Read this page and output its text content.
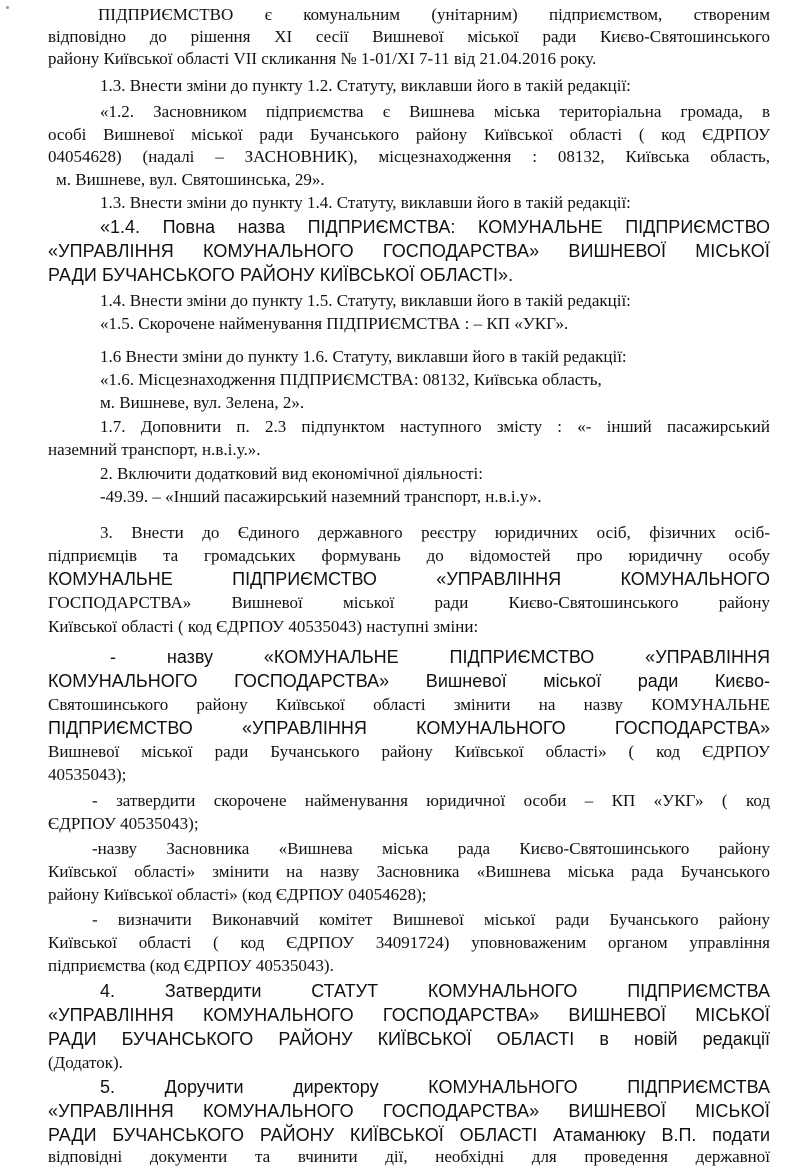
ПІДПРИЄМСТВО є комунальним (унітарним) підприємством, створеним
відповідно до рішення ХІ сесії Вишневої міської ради Києво-Святошинського
району Київської області VII скликання № 1-01/XI 7-11 від 21.04.2016 року.
1.3. Внести зміни до пункту 1.2. Статуту, виклавши його в такій редакції:
«1.2. Засновником підприємства є Вишнева міська територіальна громада, в
особі Вишневої міської ради Бучанського району Київської області ( код ЄДРПОУ
04054628) (надалі – ЗАСНОВНИК), місцезнаходження : 08132, Київська область,
м. Вишневе, вул. Святошинська, 29».
1.3. Внести зміни до пункту 1.4. Статуту, виклавши його в такій редакції:
«1.4. Повна назва ПІДПРИЄМСТВА: КОМУНАЛЬНЕ ПІДПРИЄМСТВО
«УПРАВЛІННЯ КОМУНАЛЬНОГО ГОСПОДАРСТВА» ВИШНЕВОЇ МІСЬКОЇ
РАДИ БУЧАНСЬКОГО РАЙОНУ КИЇВСЬКОЇ ОБЛАСТІ».
1.4. Внести зміни до пункту 1.5. Статуту, виклавши його в такій редакції:
«1.5. Скорочене найменування ПІДПРИЄМСТВА : – КП «УКГ».
1.6 Внести зміни до пункту 1.6. Статуту, виклавши його в такій редакції:
«1.6. Місцезнаходження ПІДПРИЄМСТВА: 08132, Київська область,
м. Вишневе, вул. Зелена, 2».
1.7. Доповнити п. 2.3 підпунктом наступного змісту : «- інший пасажирський
наземний транспорт, н.в.і.у.».
2. Включити додатковий вид економічної діяльності:
-49.39. – «Інший пасажирський наземний транспорт, н.в.і.у».
3. Внести до Єдиного державного реєстру юридичних осіб, фізичних осіб-
підприємців та громадських формувань до відомостей про юридичну особу
КОМУНАЛЬНЕ ПІДПРИЄМСТВО «УПРАВЛІННЯ КОМУНАЛЬНОГО
ГОСПОДАРСТВА» Вишневої міської ради Києво-Святошинського району
Київської області ( код ЄДРПОУ 40535043) наступні зміни:
- назву «КОМУНАЛЬНЕ ПІДПРИЄМСТВО «УПРАВЛІННЯ
КОМУНАЛЬНОГО ГОСПОДАРСТВА» Вишневої міської ради Києво-
Святошинського району Київської області змінити на назву КОМУНАЛЬНЕ
ПІДПРИЄМСТВО «УПРАВЛІННЯ КОМУНАЛЬНОГО ГОСПОДАРСТВА»
Вишневої міської ради Бучанського району Київської області» ( код ЄДРПОУ
40535043);
- затвердити скорочене найменування юридичної особи – КП «УКГ» ( код
ЄДРПОУ 40535043);
-назву Засновника «Вишнева міська рада Києво-Святошинського району
Київської області» змінити на назву Засновника «Вишнева міська рада Бучанського
району Київської області» (код ЄДРПОУ 04054628);
- визначити Виконавчий комітет Вишневої міської ради Бучанського району
Київської області ( код ЄДРПОУ 34091724) уповноваженим органом управління
підприємства (код ЄДРПОУ 40535043).
4. Затвердити СТАТУТ КОМУНАЛЬНОГО ПІДПРИЄМСТВА
«УПРАВЛІННЯ КОМУНАЛЬНОГО ГОСПОДАРСТВА» ВИШНЕВОЇ МІСЬКОЇ
РАДИ БУЧАНСЬКОГО РАЙОНУ КИЇВСЬКОЇ ОБЛАСТІ в новій редакції
(Додаток).
5. Доручити директору КОМУНАЛЬНОГО ПІДПРИЄМСТВА
«УПРАВЛІННЯ КОМУНАЛЬНОГО ГОСПОДАРСТВА» ВИШНЕВОЇ МІСЬКОЇ
РАДИ БУЧАНСЬКОГО РАЙОНУ КИЇВСЬКОЇ ОБЛАСТІ Атаманюку В.П. подати
відповідні документи та вчинити дії, необхідні для проведення державної
